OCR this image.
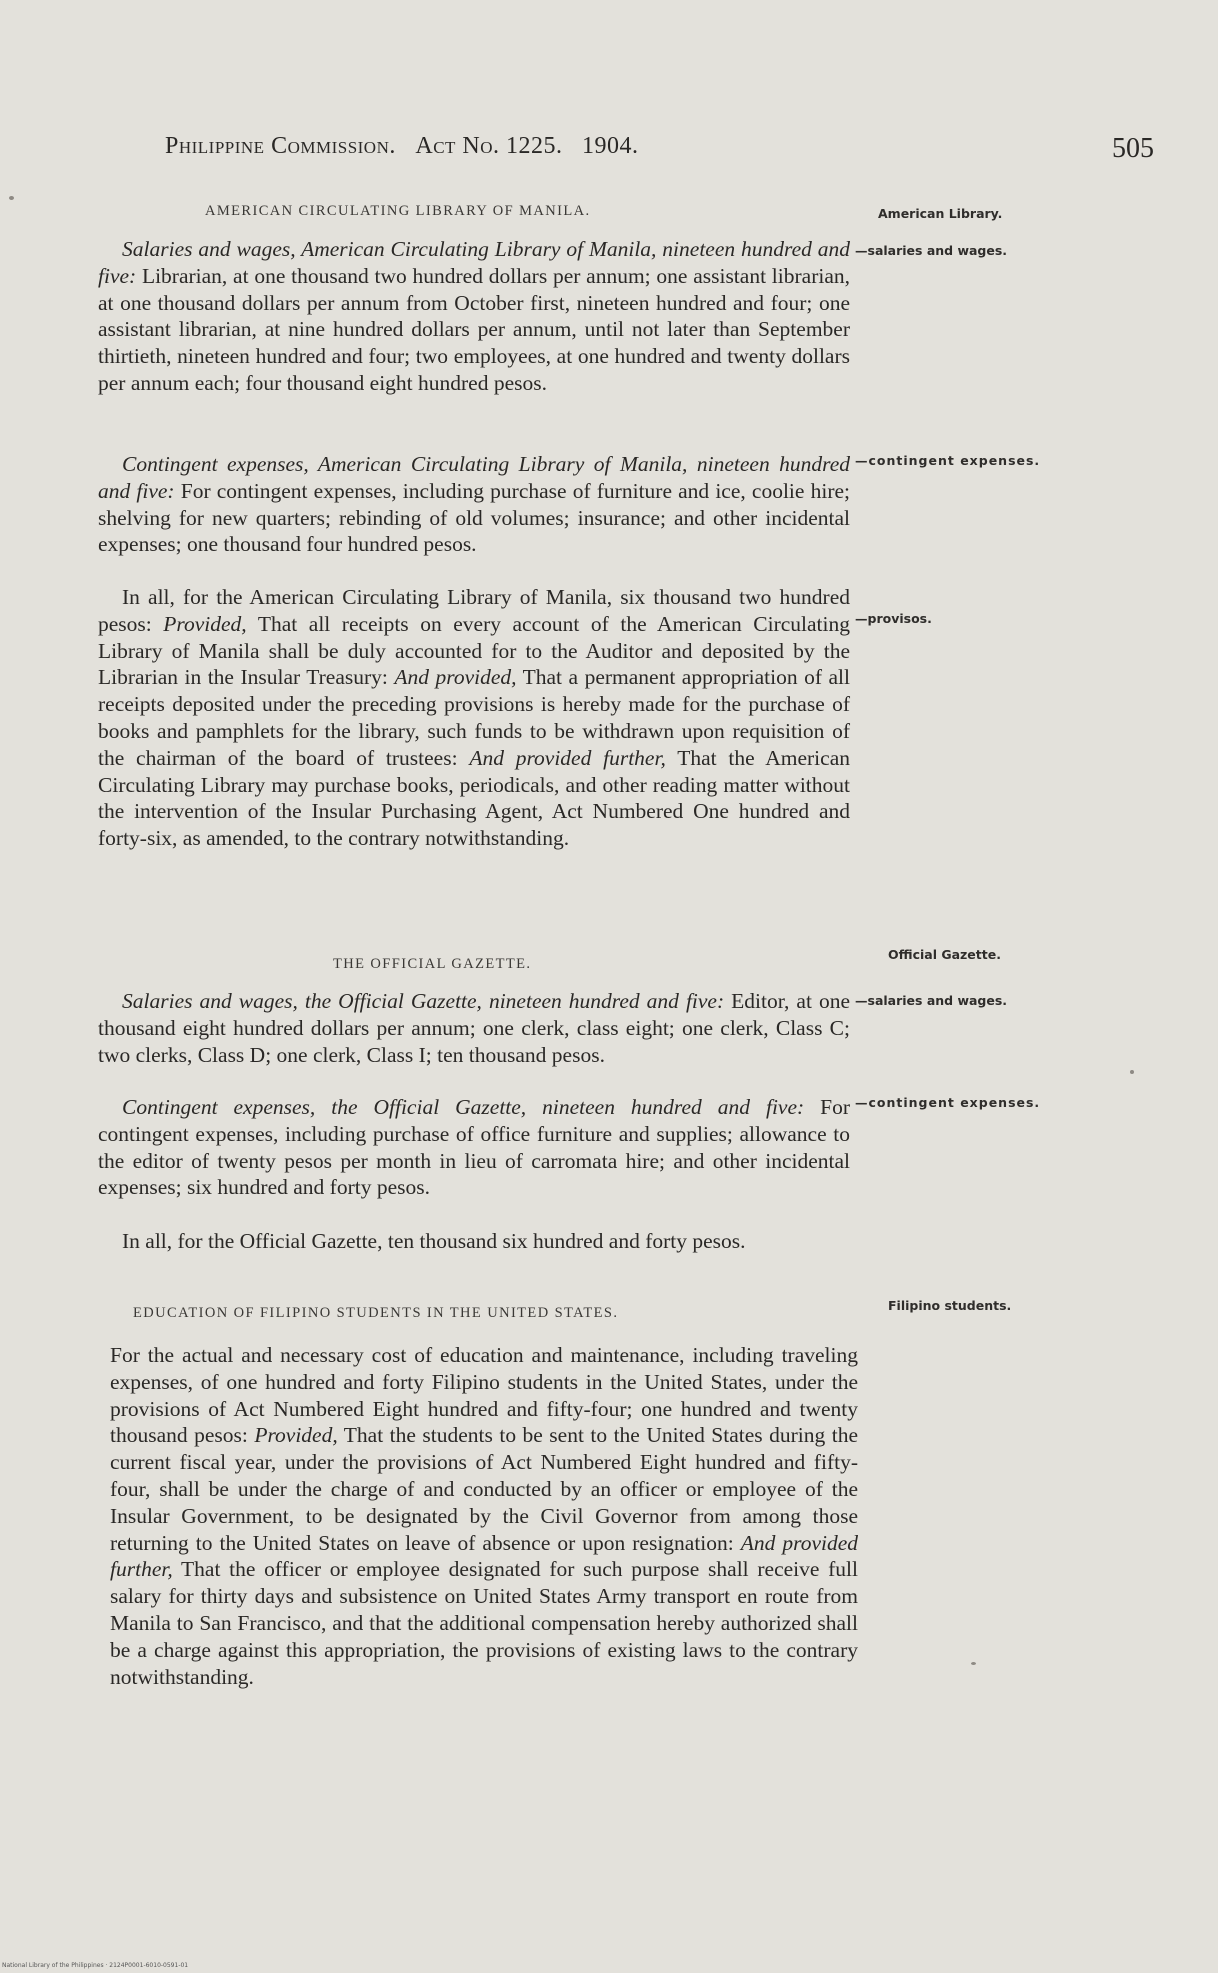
Philippine Commission. Act No. 1225. 1904.	505
AMERICAN CIRCULATING LIBRARY OF MANILA.	American Library.
—salaries and wages.
—contingent expenses.
—provisos.
Salaries and wages, American Circulating Library of Manila, nineteen hundred and five: Librarian, at one thousand two hundred dollars per annum; one assistant librarian, at one thousand dollars per annum from October first, nineteen hundred and four; one assistant librarian, at nine hundred dollars per annum, until not later than September thirtieth, nineteen hundred and four; two employees, at one hundred and twenty dollars per annum each; four thousand eight hundred pesos.
Contingent expenses, American Circulating Library of Manila, nineteen hundred and five: For contingent expenses, including purchase of furniture and ice, coolie hire; shelving for new quarters; rebinding of old volumes; insurance; and other incidental expenses; one thousand four hundred pesos.
In all, for the American Circulating Library of Manila, six thousand two hundred pesos: Provided, That all receipts on every account of the American Circulating Library of Manila shall be duly accounted for to the Auditor and deposited by the Librarian in the Insular Treasury: And provided, That a permanent appropriation of all receipts deposited under the preceding provisions is hereby made for the purchase of books and pamphlets for the library, such funds to be withdrawn upon requisition of the chairman of the board of trustees: And provided further, That the American Circulating Library may purchase books, periodicals, and other reading matter without the intervention of the Insular Purchasing Agent, Act Numbered One hundred and forty-six, as amended, to the contrary notwithstanding.
THE OFFICIAL GAZETTE.
Official Gazette.
—salaries and wages.
—contingent expenses.
Salaries and wages, the Official Gazette, nineteen hundred and five: Editor, at one thousand eight hundred dollars per annum; one clerk, class eight; one clerk, Class C; two clerks, Class D; one clerk, Class I; ten thousand pesos.
Contingent expenses, the Official Gazette, nineteen hundred and five: For contingent expenses, including purchase of office furniture and supplies; allowance to the editor of twenty pesos per month in lieu of carromata hire; and other incidental expenses; six hundred and forty pesos.
In all, for the Official Gazette, ten thousand six hundred and forty pesos.
EDUCATION OF FILIPINO STUDENTS IN THE UNITED STATES.	Filipino students.
For the actual and necessary cost of education and maintenance, including traveling expenses, of one hundred and forty Filipino students in the United States, under the provisions of Act Numbered Eight hundred and fifty-four; one hundred and twenty thousand pesos: Provided, That the students to be sent to the United States during the current fiscal year, under the provisions of Act Numbered Eight hundred and fifty-four, shall be under the charge of and conducted by an officer or employee of the Insular Government, to be designated by the Civil Governor from among those returning to the United States on leave of absence or upon resignation: And provided further, That the officer or employee designated for such purpose shall receive full salary for thirty days and subsistence on United States Army transport en route from Manila to San Francisco, and that the additional compensation hereby authorized shall be a charge against this appropriation, the provisions of existing laws to the contrary notwithstanding.
National Library of the Philippines · 2124P0001-6010-0591-01
